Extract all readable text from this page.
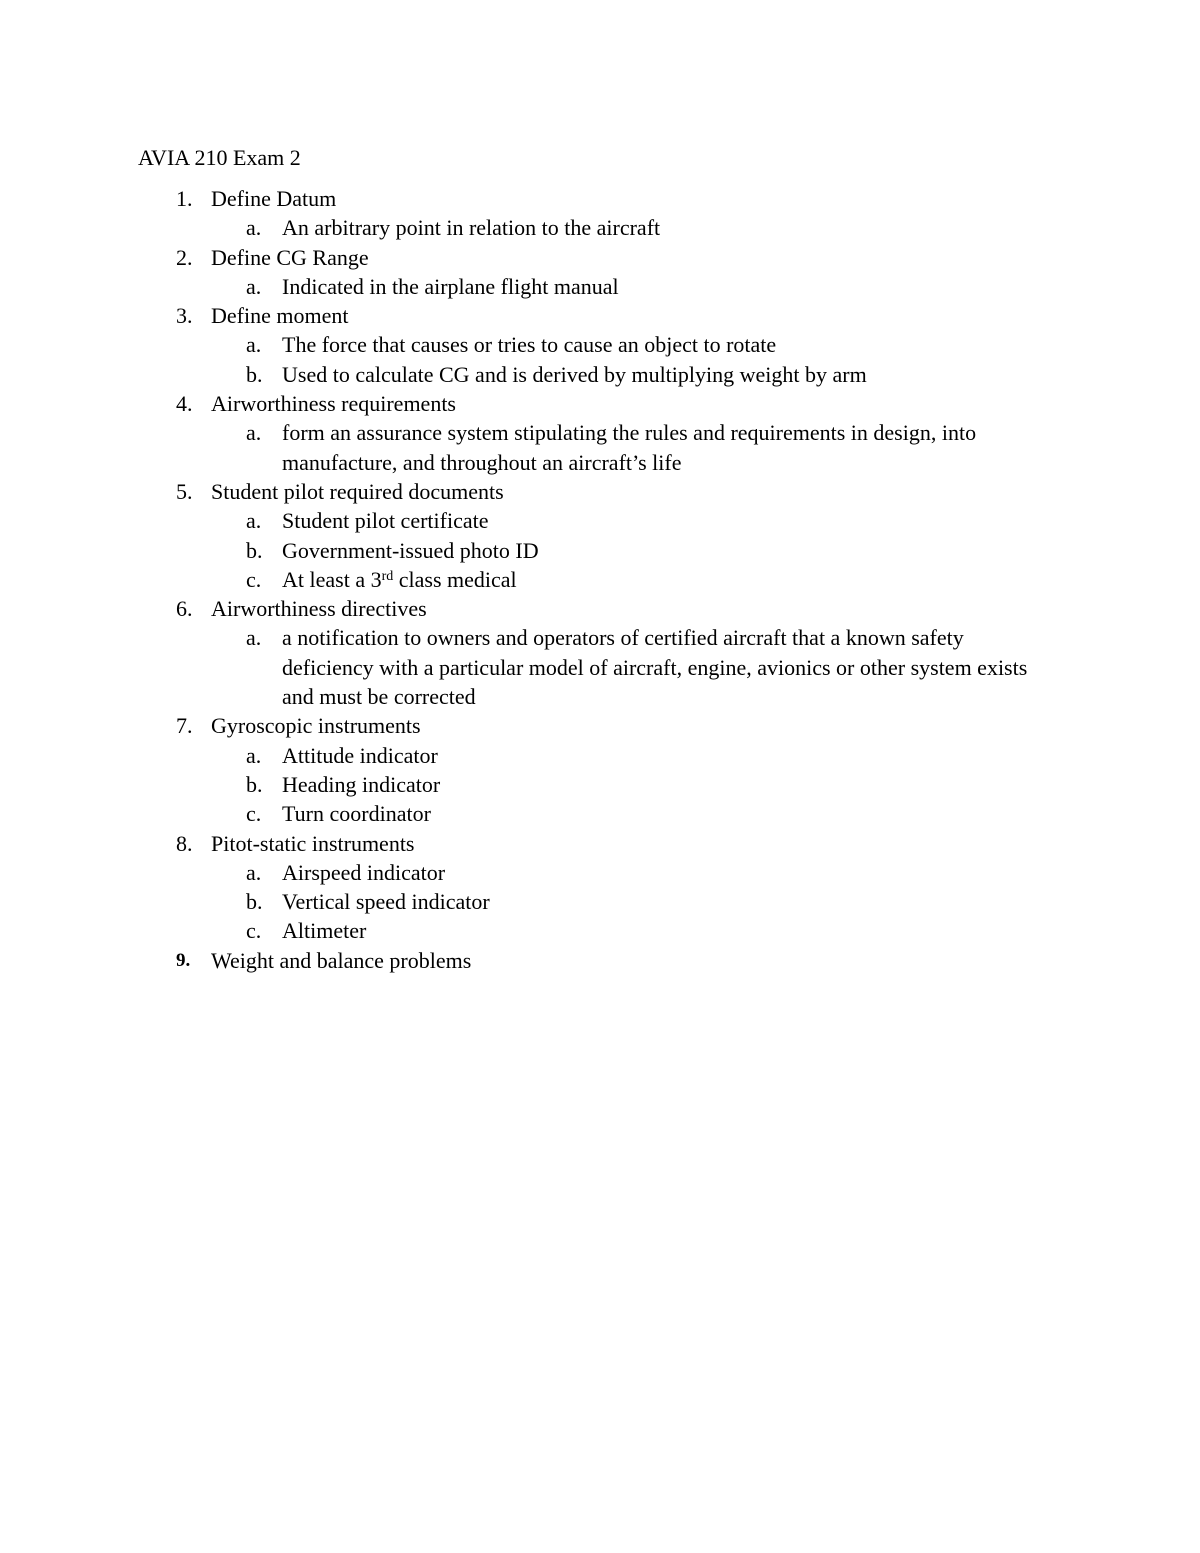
AVIA 210 Exam 2
1. Define Datum
a. An arbitrary point in relation to the aircraft
2. Define CG Range
a. Indicated in the airplane flight manual
3. Define moment
a. The force that causes or tries to cause an object to rotate
b. Used to calculate CG and is derived by multiplying weight by arm
4. Airworthiness requirements
a. form an assurance system stipulating the rules and requirements in design, into manufacture, and throughout an aircraft’s life
5. Student pilot required documents
a. Student pilot certificate
b. Government-issued photo ID
c. At least a 3rd class medical
6. Airworthiness directives
a. a notification to owners and operators of certified aircraft that a known safety deficiency with a particular model of aircraft, engine, avionics or other system exists and must be corrected
7. Gyroscopic instruments
a. Attitude indicator
b. Heading indicator
c. Turn coordinator
8. Pitot-static instruments
a. Airspeed indicator
b. Vertical speed indicator
c. Altimeter
9. Weight and balance problems
